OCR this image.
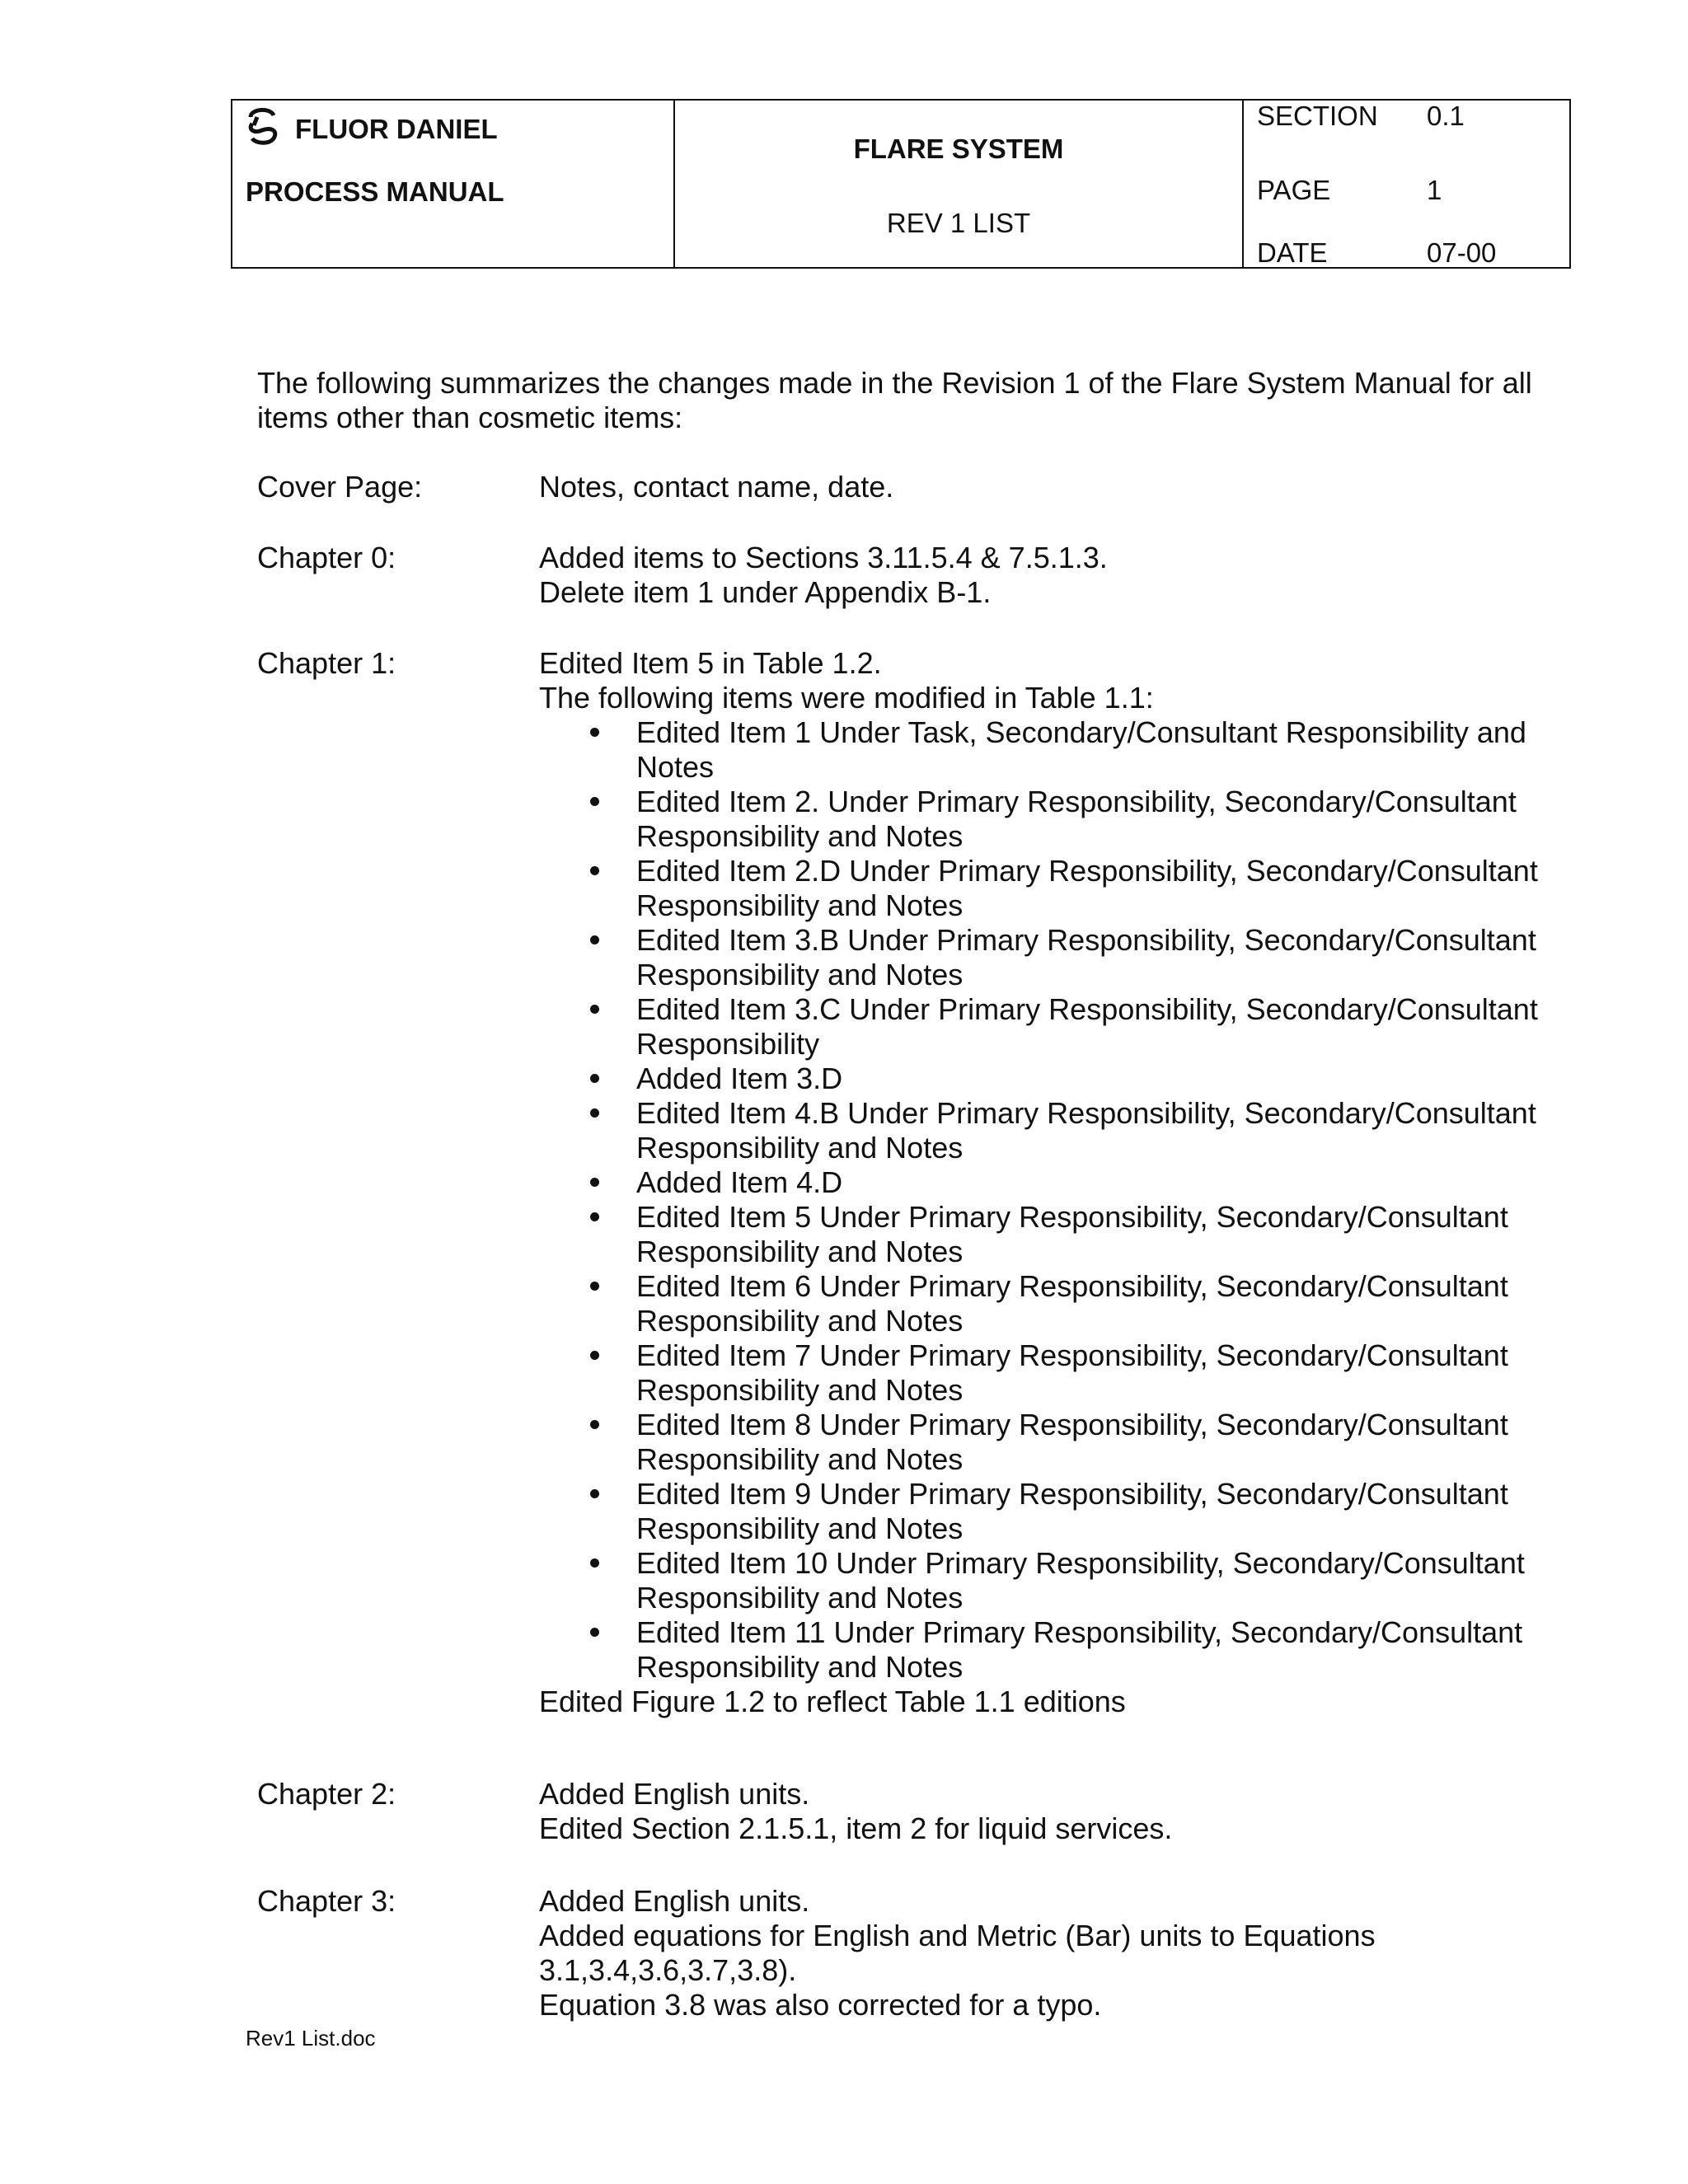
FLUOR DANIEL
PROCESS MANUAL
FLARE SYSTEM
REV 1 LIST
SECTION 0.1
PAGE	1
DATE	07-00
The following summarizes the changes made in the Revision 1 of the Flare System Manual for all items other than cosmetic items:
Cover Page:	Notes, contact name, date.
Chapter 0:	Added items to Sections 3.11.5.4 & 7.5.1.3.
Delete item 1 under Appendix B-1.
Chapter 1:	Edited Item 5 in Table 1.2.
The following items were modified in Table 1.1:
Edited Item 1 Under Task, Secondary/Consultant Responsibility and Notes
Edited Item 2. Under Primary Responsibility, Secondary/Consultant Responsibility and Notes
Edited Item 2.D Under Primary Responsibility, Secondary/Consultant Responsibility and Notes
Edited Item 3.B Under Primary Responsibility, Secondary/Consultant Responsibility and Notes
Edited Item 3.C Under Primary Responsibility, Secondary/Consultant Responsibility
Added Item 3.D
Edited Item 4.B Under Primary Responsibility, Secondary/Consultant Responsibility and Notes
Added Item 4.D
Edited Item 5 Under Primary Responsibility, Secondary/Consultant Responsibility and Notes
Edited Item 6 Under Primary Responsibility, Secondary/Consultant Responsibility and Notes
Edited Item 7 Under Primary Responsibility, Secondary/Consultant Responsibility and Notes
Edited Item 8 Under Primary Responsibility, Secondary/Consultant Responsibility and Notes
Edited Item 9 Under Primary Responsibility, Secondary/Consultant Responsibility and Notes
Edited Item 10 Under Primary Responsibility, Secondary/Consultant Responsibility and Notes
Edited Item 11 Under Primary Responsibility, Secondary/Consultant Responsibility and Notes
Edited Figure 1.2 to reflect Table 1.1 editions
Chapter 2:	Added English units.
Edited Section 2.1.5.1, item 2 for liquid services.
Chapter 3:	Added English units.
Added equations for English and Metric (Bar) units to Equations 3.1,3.4,3.6,3.7,3.8).
Equation 3.8 was also corrected for a typo.
Rev1 List.doc
